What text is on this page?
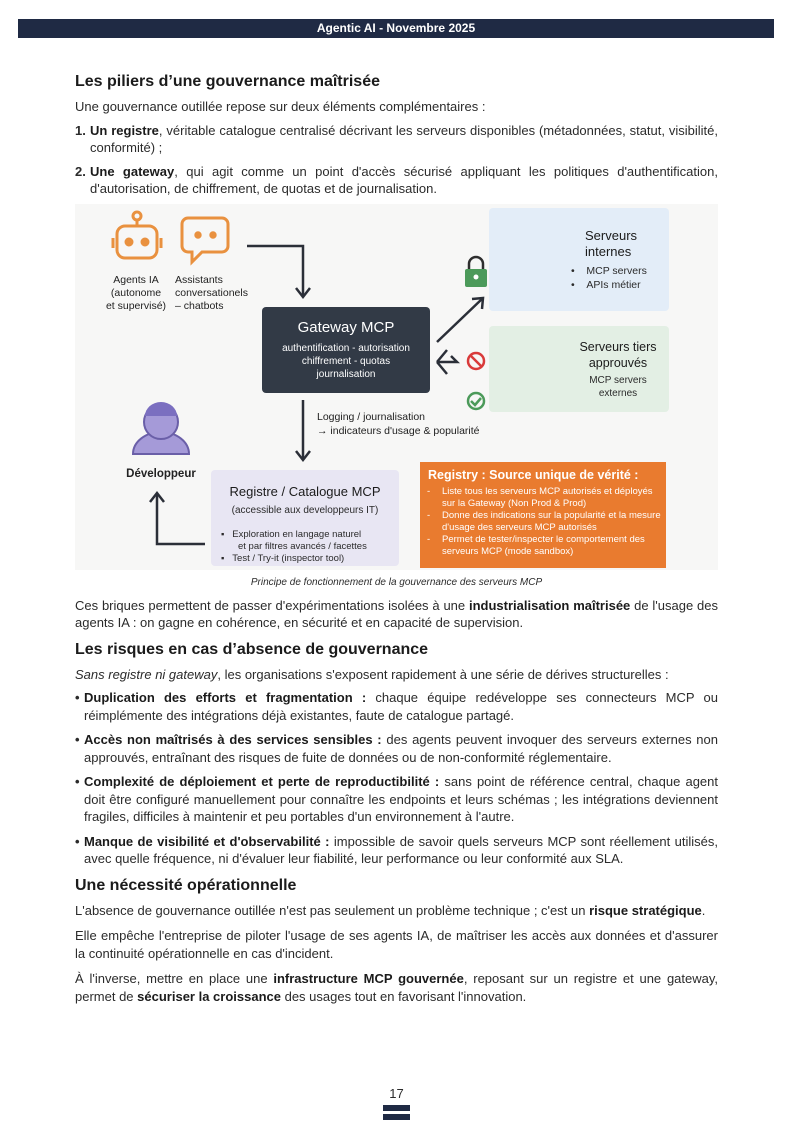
Agentic AI - Novembre 2025
Les piliers d’une gouvernance maîtrisée

Une gouvernance outillée repose sur deux éléments complémentaires :

1. Un registre, véritable catalogue centralisé décrivant les serveurs disponibles (métadonnées, statut, visibilité, conformité) ;
2. Une gateway, qui agit comme un point d'accès sécurisé appliquant les politiques d'authentification, d'autorisation, de chiffrement, de quotas et de journalisation.
Agents IA
(autonome
et supervisé)
Assistants
conversationels
– chatbots
Gateway MCP
authentification - autorisation
chiffrement - quotas
journalisation
Serveurs
internes
•    MCP servers
•    APIs métier
Serveurs tiers
approuvés
MCP servers
externes
Logging / journalisation
→ indicateurs d'usage & popularité
Développeur
Registre / Catalogue MCP
(accessible aux developpeurs IT)
▪   Exploration en langage naturel
et par filtres avancés / facettes
▪   Test / Try-it (inspector tool)
Registry : Source unique de vérité :
- Liste tous les serveurs MCP autorisés et déployés sur la Gateway (Non Prod & Prod)
- Donne des indications sur la popularité et la mesure d'usage des serveurs MCP autorisés
- Permet de tester/inspecter le comportement des serveurs MCP (mode sandbox)
Principe de fonctionnement de la gouvernance des serveurs MCP

Ces briques permettent de passer d'expérimentations isolées à une industrialisation maîtrisée de l'usage des agents IA : on gagne en cohérence, en sécurité et en capacité de supervision.

Les risques en cas d’absence de gouvernance

Sans registre ni gateway, les organisations s'exposent rapidement à une série de dérives structurelles :

• Duplication des efforts et fragmentation : chaque équipe redéveloppe ses connecteurs MCP ou réimplémente des intégrations déjà existantes, faute de catalogue partagé.
• Accès non maîtrisés à des services sensibles : des agents peuvent invoquer des serveurs externes non approuvés, entraînant des risques de fuite de données ou de non-conformité réglementaire.
• Complexité de déploiement et perte de reproductibilité : sans point de référence central, chaque agent doit être configuré manuellement pour connaître les endpoints et leurs schémas ; les intégrations deviennent fragiles, difficiles à maintenir et peu portables d'un environnement à l'autre.
• Manque de visibilité et d'observabilité : impossible de savoir quels serveurs MCP sont réellement utilisés, avec quelle fréquence, ni d'évaluer leur fiabilité, leur performance ou leur conformité aux SLA.
Une nécessité opérationnelle

L'absence de gouvernance outillée n'est pas seulement un problème technique ; c'est un risque stratégique.

Elle empêche l'entreprise de piloter l'usage de ses agents IA, de maîtriser les accès aux données et d'assurer la continuité opérationnelle en cas d'incident.

À l'inverse, mettre en place une infrastructure MCP gouvernée, reposant sur un registre et une gateway, permet de sécuriser la croissance des usages tout en favorisant l'innovation.

17
